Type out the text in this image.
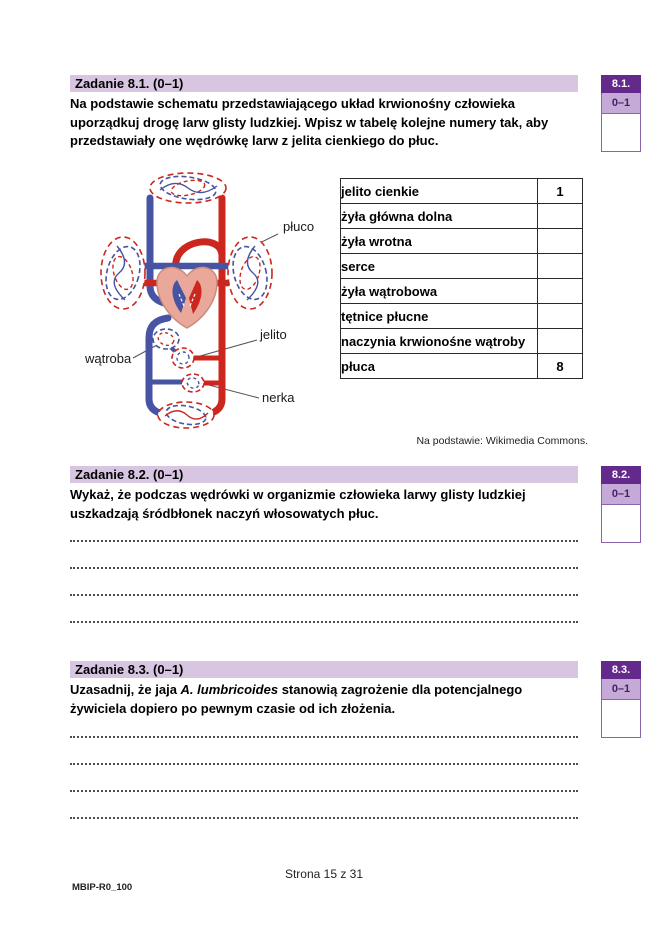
Zadanie 8.1. (0–1)
Na podstawie schematu przedstawiającego układ krwionośny człowieka uporządkuj drogę larw glisty ludzkiej. Wpisz w tabelę kolejne numery tak, aby przedstawiały one wędrówkę larw z jelita cienkiego do płuc.
8.1.
0–1
płuco
jelito
wątroba
nerka
jelito cienkie	1
żyła główna dolna	
żyła wrotna	
serce	
żyła wątrobowa	
tętnice płucne	
naczynia krwionośne wątroby	
płuca	8
Na podstawie: Wikimedia Commons.
Zadanie 8.2. (0–1)
Wykaż, że podczas wędrówki w organizmie człowieka larwy glisty ludzkiej uszkadzają śródbłonek naczyń włosowatych płuc.
8.2.
0–1
Zadanie 8.3. (0–1)
Uzasadnij, że jaja A. lumbricoides stanowią zagrożenie dla potencjalnego żywiciela dopiero po pewnym czasie od ich złożenia.
8.3.
0–1
Strona 15 z 31
MBIP-R0_100
